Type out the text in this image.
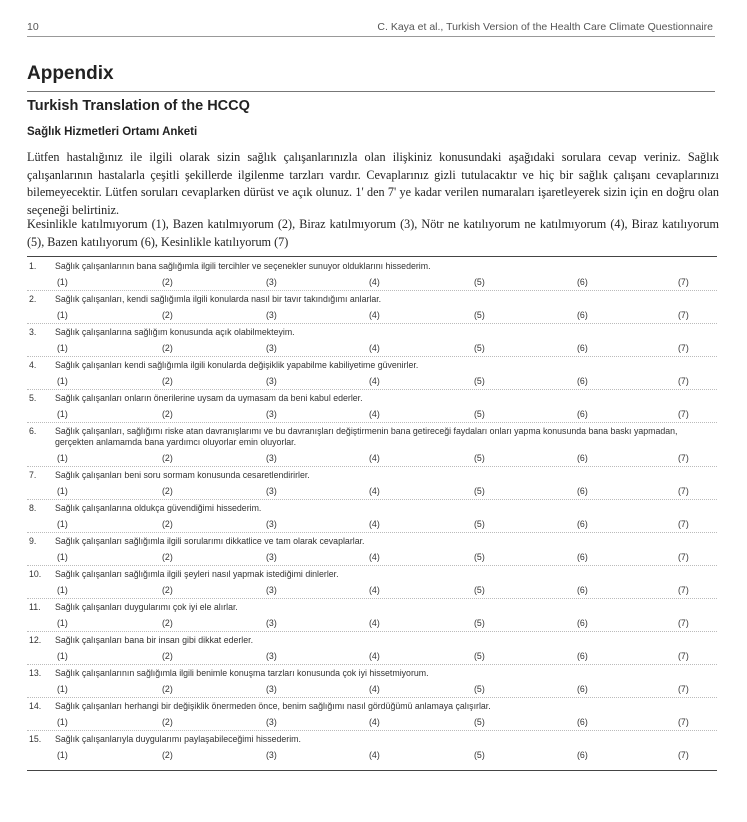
10	C. Kaya et al., Turkish Version of the Health Care Climate Questionnaire
Appendix
Turkish Translation of the HCCQ
Sağlık Hizmetleri Ortamı Anketi

Lütfen hastalığınız ile ilgili olarak sizin sağlık çalışanlarınızla olan ilişkiniz konusundaki aşağıdaki sorulara cevap veriniz. Sağlık çalışanlarının hastalarla çeşitli şekillerde ilgilenme tarzları vardır. Cevaplarınız gizli tutulacaktır ve hiç bir sağlık çalışanı cevaplarınızı bilemeyecektir. Lütfen soruları cevaplarken dürüst ve açık olunuz. 1' den 7' ye kadar verilen numaraları işaretleyerek sizin için en doğru olan seçeneği belirtiniz.

Kesinlikle katılmıyorum (1), Bazen katılmıyorum (2), Biraz katılmıyorum (3), Nötr ne katılıyorum ne katılmıyorum (4), Biraz katılıyorum (5), Bazen katılıyorum (6), Kesinlikle katılıyorum (7)

1. Sağlık çalışanlarının bana sağlığımla ilgili tercihler ve seçenekler sunuyor olduklarını hissederim.
(1)	(2)	(3)	(4)	(5)	(6)	(7)
2. Sağlık çalışanları, kendi sağlığımla ilgili konularda nasıl bir tavır takındığımı anlarlar.
(1)	(2)	(3)	(4)	(5)	(6)	(7)
3. Sağlık çalışanlarına sağlığım konusunda açık olabilmekteyim.
(1)	(2)	(3)	(4)	(5)	(6)	(7)
4. Sağlık çalışanları kendi sağlığımla ilgili konularda değişiklik yapabilme kabiliyetime güvenirler.
(1)	(2)	(3)	(4)	(5)	(6)	(7)
5. Sağlık çalışanları onların önerilerine uysam da uymasam da beni kabul ederler.
(1)	(2)	(3)	(4)	(5)	(6)	(7)
6. Sağlık çalışanları, sağlığımı riske atan davranışlarımı ve bu davranışları değiştirmenin bana getireceği faydaları onları yapma konusunda bana baskı yapmadan, gerçekten anlamamda bana yardımcı oluyorlar emin oluyorlar.
(1)	(2)	(3)	(4)	(5)	(6)	(7)
7. Sağlık çalışanları beni soru sormam konusunda cesaretlendirirler.
(1)	(2)	(3)	(4)	(5)	(6)	(7)
8. Sağlık çalışanlarına oldukça güvendiğimi hissederim.
(1)	(2)	(3)	(4)	(5)	(6)	(7)
9. Sağlık çalışanları sağlığımla ilgili sorularımı dikkatlice ve tam olarak cevaplarlar.
(1)	(2)	(3)	(4)	(5)	(6)	(7)
10. Sağlık çalışanları sağlığımla ilgili şeyleri nasıl yapmak istediğimi dinlerler.
(1)	(2)	(3)	(4)	(5)	(6)	(7)
11. Sağlık çalışanları duygularımı çok iyi ele alırlar.
(1)	(2)	(3)	(4)	(5)	(6)	(7)
12. Sağlık çalışanları bana bir insan gibi dikkat ederler.
(1)	(2)	(3)	(4)	(5)	(6)	(7)
13. Sağlık çalışanlarının sağlığımla ilgili benimle konuşma tarzları konusunda çok iyi hissetmiyorum.
(1)	(2)	(3)	(4)	(5)	(6)	(7)
14. Sağlık çalışanları herhangi bir değişiklik önermeden önce, benim sağlığımı nasıl gördüğümü anlamaya çalışırlar.
(1)	(2)	(3)	(4)	(5)	(6)	(7)
15. Sağlık çalışanlarıyla duygularımı paylaşabileceğimi hissederim.
(1)	(2)	(3)	(4)	(5)	(6)	(7)
